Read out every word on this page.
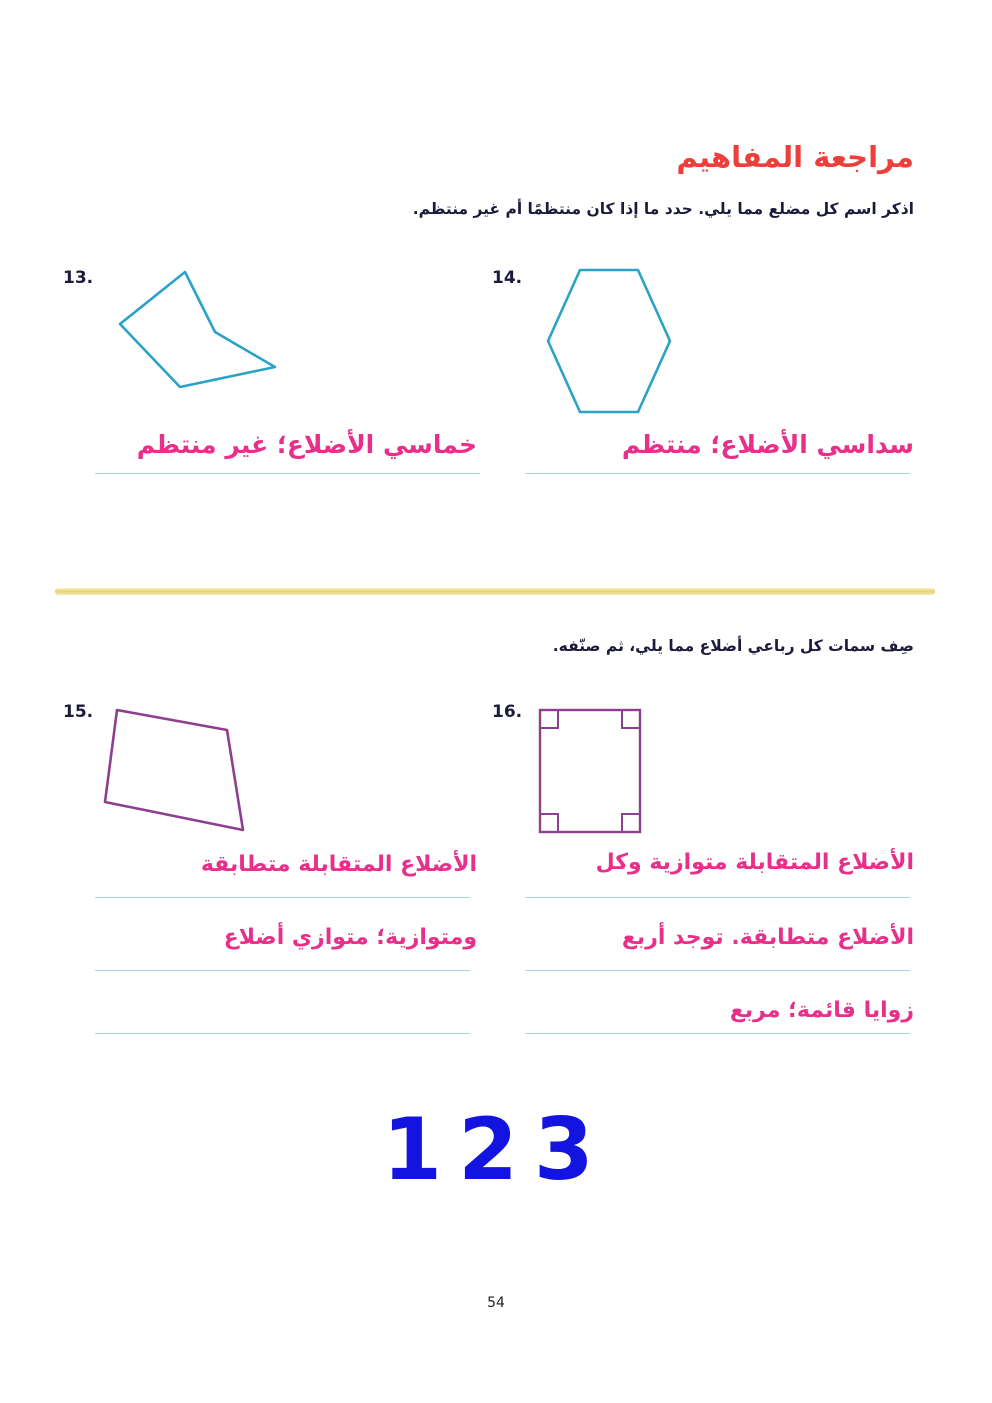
مراجعة المفاهيم
اذكر اسم كل مضلع مما يلي. حدد ما إذا كان منتظمًا أم غير منتظم.
13.
خماسي الأضلاع؛ غير منتظم
14.
سداسي الأضلاع؛ منتظم
صِف سمات كل رباعي أضلاع مما يلي، ثم صنّفه.
15.
الأضلاع المتقابلة متطابقة
ومتوازية؛ متوازي أضلاع
16.
الأضلاع المتقابلة متوازية وكل
الأضلاع متطابقة. توجد أربع
زوايا قائمة؛ مربع
123
54
